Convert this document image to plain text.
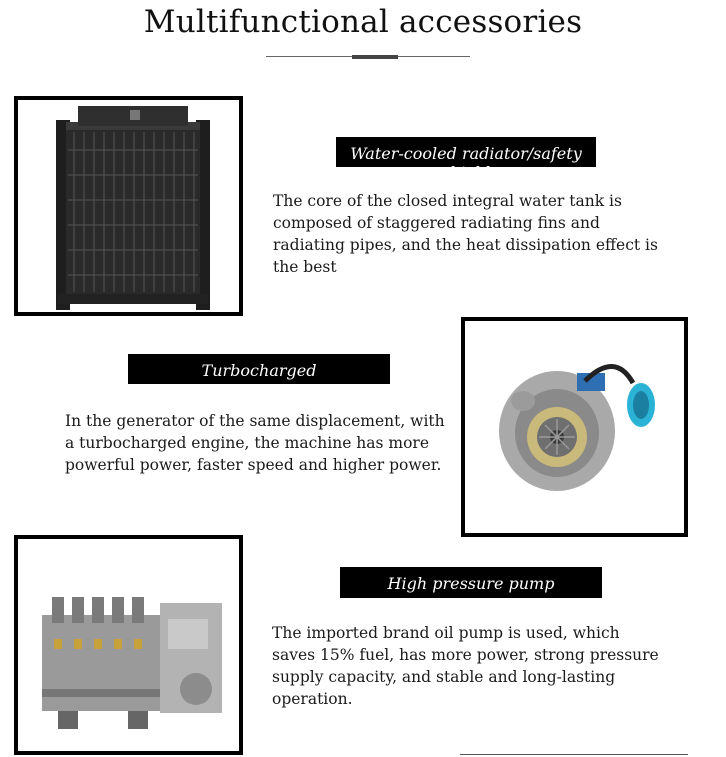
Multifunctional accessories
Water-cooled radiator/safety shield
The core of the closed integral water tank is composed of staggered radiating fins and radiating pipes, and the heat dissipation effect is the best
Turbocharged
In the generator of the same displacement, with a turbocharged engine, the machine has more powerful power, faster speed and higher power.
High pressure pump
The imported brand oil pump is used, which saves 15% fuel, has more power, strong pressure supply capacity, and stable and long-lasting operation.
